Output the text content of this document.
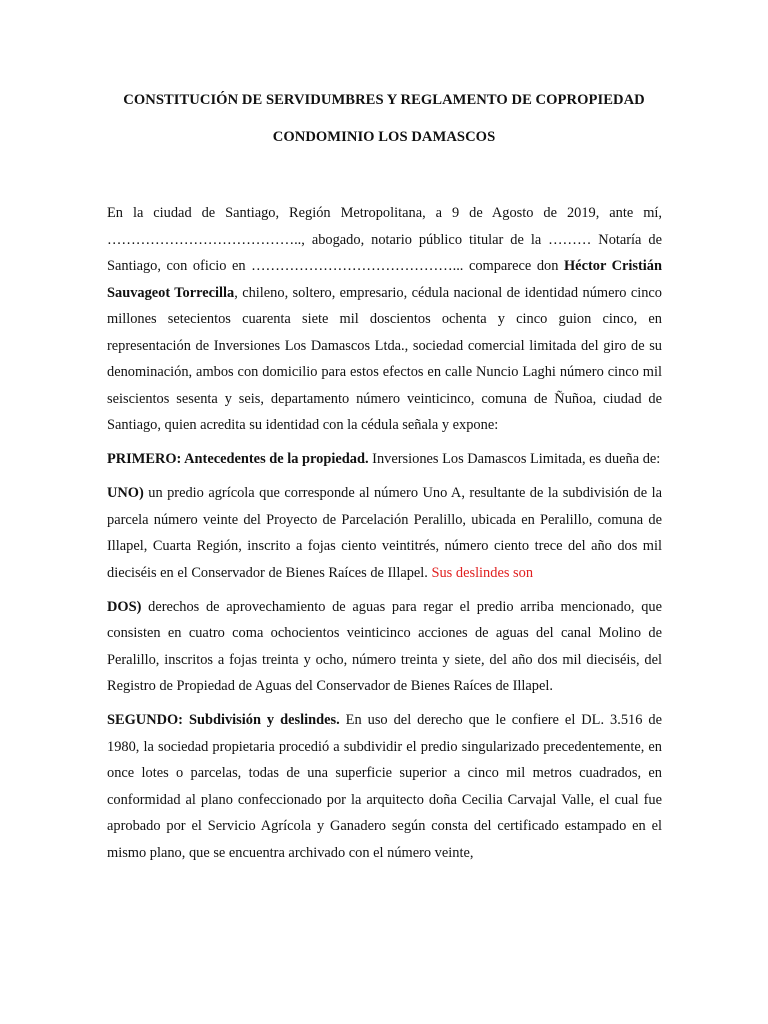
CONSTITUCIÓN DE SERVIDUMBRES Y REGLAMENTO DE COPROPIEDAD
CONDOMINIO LOS DAMASCOS

En la ciudad de Santiago, Región Metropolitana, a 9 de Agosto de 2019, ante mí, ………………………………….., abogado, notario público titular de la ……… Notaría de Santiago, con oficio en ……………………………………... comparece don Héctor Cristián Sauvageot Torrecilla, chileno, soltero, empresario, cédula nacional de identidad número cinco millones setecientos cuarenta siete mil doscientos ochenta y cinco guion cinco, en representación de Inversiones Los Damascos Ltda., sociedad comercial limitada del giro de su denominación, ambos con domicilio para estos efectos en calle Nuncio Laghi número cinco mil seiscientos sesenta y seis, departamento número veinticinco, comuna de Ñuñoa, ciudad de Santiago, quien acredita su identidad con la cédula señala y expone:

PRIMERO: Antecedentes de la propiedad. Inversiones Los Damascos Limitada, es dueña de:

UNO) un predio agrícola que corresponde al número Uno A, resultante de la subdivisión de la parcela número veinte del Proyecto de Parcelación Peralillo, ubicada en Peralillo, comuna de Illapel, Cuarta Región, inscrito a fojas ciento veintitrés, número ciento trece del año dos mil dieciséis en el Conservador de Bienes Raíces de Illapel. Sus deslindes son

DOS) derechos de aprovechamiento de aguas para regar el predio arriba mencionado, que consisten en cuatro coma ochocientos veinticinco acciones de aguas del canal Molino de Peralillo, inscritos a fojas treinta y ocho, número treinta y siete, del año dos mil dieciséis, del Registro de Propiedad de Aguas del Conservador de Bienes Raíces de Illapel.

SEGUNDO: Subdivisión y deslindes. En uso del derecho que le confiere el DL. 3.516 de 1980, la sociedad propietaria procedió a subdividir el predio singularizado precedentemente, en once lotes o parcelas, todas de una superficie superior a cinco mil metros cuadrados, en conformidad al plano confeccionado por la arquitecto doña Cecilia Carvajal Valle, el cual fue aprobado por el Servicio Agrícola y Ganadero según consta del certificado estampado en el mismo plano, que se encuentra archivado con el número veinte,
